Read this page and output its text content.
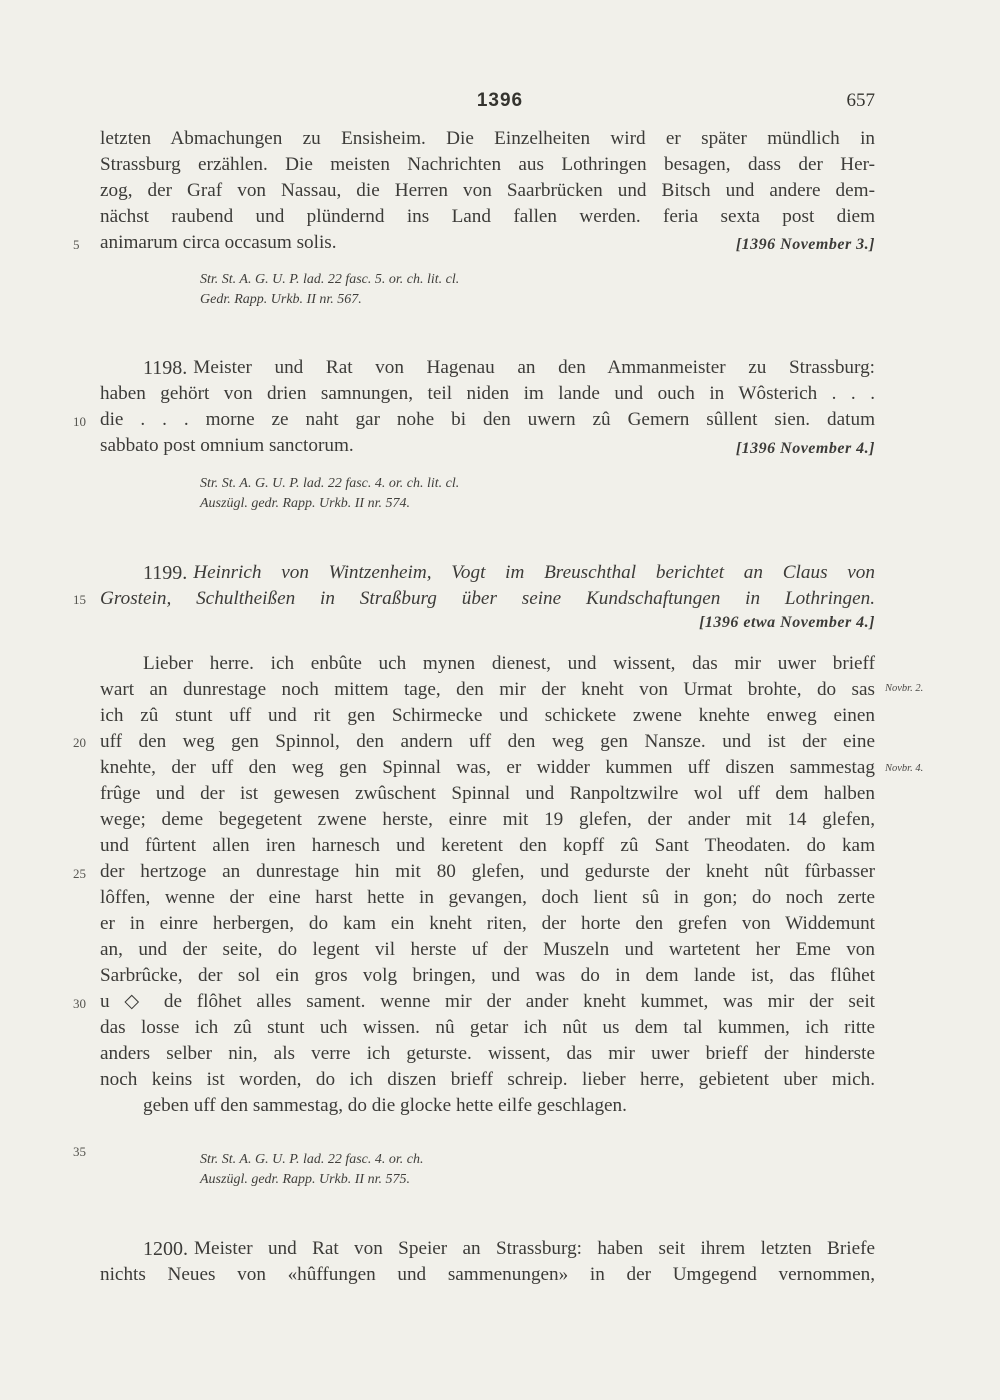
1396	657
letzten Abmachungen zu Ensisheim. Die Einzelheiten wird er später mündlich in
Strassburg erzählen. Die meisten Nachrichten aus Lothringen besagen, dass der Her-
zog, der Graf von Nassau, die Herren von Saarbrücken und Bitsch und andere dem-
nächst raubend und plündernd ins Land fallen werden. feria sexta post diem
animarum circa occasum solis.	[1396 November 3.]
Str. St. A. G. U. P. lad. 22 fasc. 5. or. ch. lit. cl.
Gedr. Rapp. Urkb. II nr. 567.
1198. Meister und Rat von Hagenau an den Ammanmeister zu Strassburg:
haben gehört von drien samnungen, teil niden im lande und ouch in Wôsterich . . .
die . . . morne ze naht gar nohe bi den uwern zû Gemern sûllent sien. datum
sabbato post omnium sanctorum.	[1396 November 4.]
Str. St. A. G. U. P. lad. 22 fasc. 4. or. ch. lit. cl.
Auszügl. gedr. Rapp. Urkb. II nr. 574.
1199. Heinrich von Wintzenheim, Vogt im Breuschthal berichtet an Claus von
Grostein, Schultheißen in Straßburg über seine Kundschaftungen in Lothringen.
[1396 etwa November 4.]
Lieber herre. ich enbûte uch mynen dienest, und wissent, das mir uwer brieff
wart an dunrestage noch mittem tage, den mir der kneht von Urmat brohte, do sas
ich zû stunt uff und rit gen Schirmecke und schickete zwene knehte enweg einen
uff den weg gen Spinnol, den andern uff den weg gen Nansze. und ist der eine
knehte, der uff den weg gen Spinnal was, er widder kummen uff diszen sammestag
frûge und der ist gewesen zwûschent Spinnal und Ranpoltzwilre wol uff dem halben
wege; deme begegetent zwene herste, einre mit 19 glefen, der ander mit 14 glefen,
und fûrtent allen iren harnesch und keretent den kopff zû Sant Theodaten. do kam
der hertzoge an dunrestage hin mit 80 glefen, und gedurste der kneht nût fûrbasser
lôffen, wenne der eine harst hette in gevangen, doch lient sû in gon; do noch zerte
er in einre herbergen, do kam ein kneht riten, der horte den grefen von Widdemunt
an, und der seite, do legent vil herste uf der Muszeln und wartetent her Eme von
Sarbrûcke, der sol ein gros volg bringen, und was do in dem lande ist, das flûhet
u ◇ de flôhet alles sament. wenne mir der ander kneht kummet, was mir der seit
das losse ich zû stunt uch wissen. nû getar ich nût us dem tal kummen, ich ritte
anders selber nin, als verre ich geturste. wissent, das mir uwer brieff der hinderste
noch keins ist worden, do ich diszen brieff schreip. lieber herre, gebietent uber mich.
geben uff den sammestag, do die glocke hette eilfe geschlagen.
Novbr. 2.
Novbr. 4.
Str. St. A. G. U. P. lad. 22 fasc. 4. or. ch.
Auszügl. gedr. Rapp. Urkb. II nr. 575.
1200. Meister und Rat von Speier an Strassburg: haben seit ihrem letzten Briefe
nichts Neues von «hûffungen und sammenungen» in der Umgegend vernommen,
5
10
15
20
25
30
35
